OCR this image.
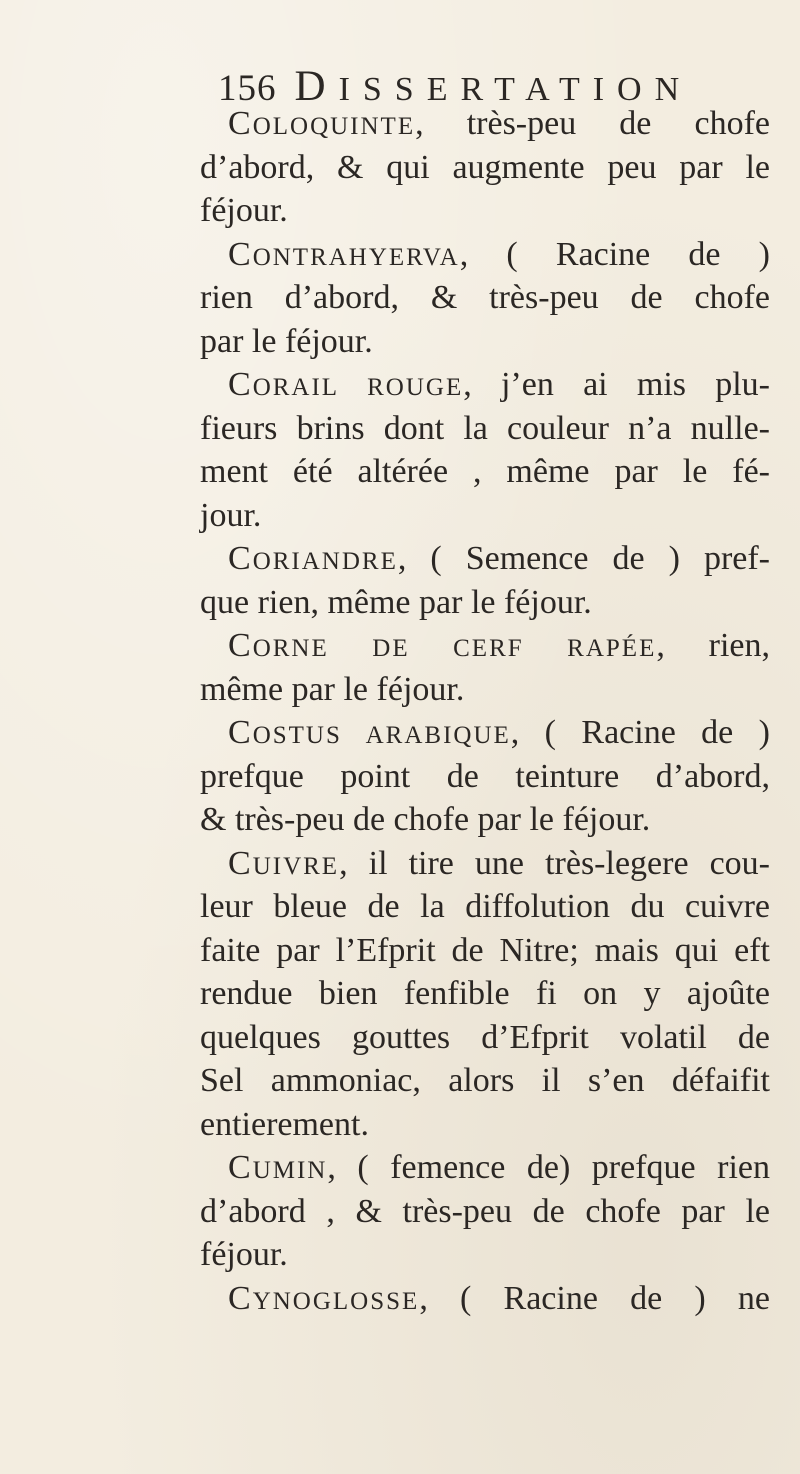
156 DISSERTATION
COLOQUINTE, très-peu de chofe
d’abord, & qui augmente peu par le
féjour.
CONTRAHYERVA, ( Racine de )
rien d’abord, & très-peu de chofe
par le féjour.
CORAIL ROUGE, j’en ai mis plu-
fieurs brins dont la couleur n’a nulle-
ment été altérée , même par le fé-
jour.
CORIANDRE, ( Semence de ) pref-
que rien, même par le féjour.
CORNE DE CERF RAPÉE, rien,
même par le féjour.
COSTUS ARABIQUE, ( Racine de )
prefque point de teinture d’abord,
& très-peu de chofe par le féjour.
CUIVRE, il tire une très-legere cou-
leur bleue de la diffolution du cuivre
faite par l’Efprit de Nitre; mais qui eft
rendue bien fenfible fi on y ajoûte
quelques gouttes d’Efprit volatil de
Sel ammoniac, alors il s’en défaifit
entierement.
CUMIN, ( femence de) prefque rien
d’abord , & très-peu de chofe par le
féjour.
CYNOGLOSSE, ( Racine de ) ne
